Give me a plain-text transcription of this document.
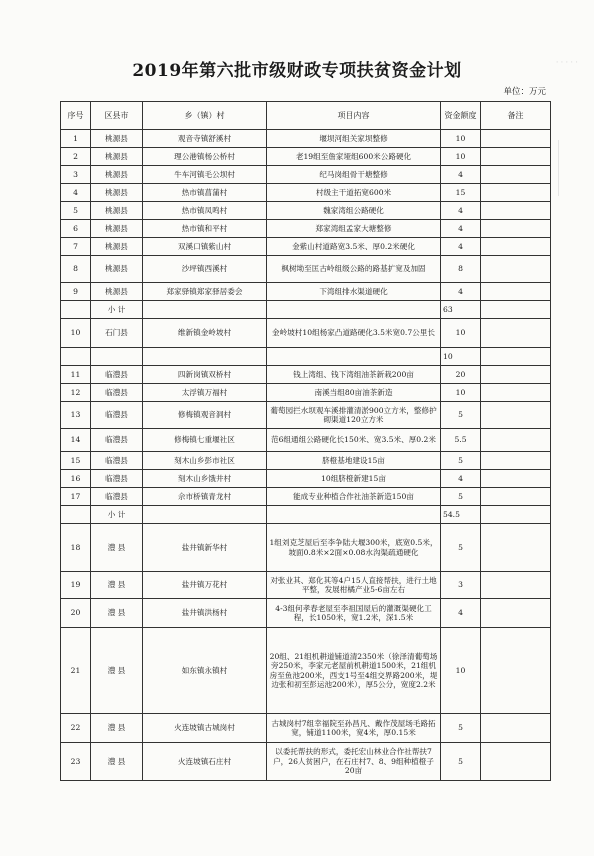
2019年第六批市级财政专项扶贫资金计划	·····
单位：万元
序号	区县市	乡（镇）村	项目内容	资金额度	备注
1	桃源县	观音寺镇舒溪村	堰坝河组关家坝整修	10	
2	桃源县	理公港镇杨公桥村	老19组至詹家垭组600米公路硬化	10	
3	桃源县	牛车河镇毛公坝村	纪马岗组骨干塘整修	4	
4	桃源县	热市镇菖蒲村	村级主干道拓宽600米	15	
5	桃源县	热市镇凤鸣村	魏家湾组公路硬化	4	
6	桃源县	热市镇和平村	郑家湾组孟家大塘整修	4	
7	桃源县	双溪口镇紫山村	金紫山村道路宽3.5米、厚0.2米硬化	4	
8	桃源县	沙坪镇西溪村	枫树坳至匡古岭组级公路的路基扩宽及加固	8	
9	桃源县	郑家驿镇郑家驿居委会	下湾组排水渠道硬化	4	
	小 计			63	
10	石门县	维新镇金岭坡村	金岭坡村10组杨家凸道路硬化3.5米宽0.7公里长	10	
				10	
11	临澧县	四新岗镇双桥村	钱上湾组、钱下湾组油茶新栽200亩	20	
12	临澧县	太浮镇万福村	南溪当组80亩油茶新造	10	
13	临澧县	修梅镇观音洞村	葡萄园拦水坝观车溪排灌清淤900立方米，整修护砌渠道120立方米	5	
14	临澧县	修梅镇七重堰社区	范6组通组公路硬化长150米、宽3.5米、厚0.2米	5.5	
15	临澧县	刻木山乡彭市社区	脐橙基地建设15亩	5	
16	临澧县	刻木山乡饿井村	10组脐橙新建15亩	4	
17	临澧县	佘市桥镇青龙村	能成专业种植合作社油茶新造150亩	5	
	小 计			54.5	
18	澧 县	盐井镇新华村	1组刘克芝屋后至李争陆大堰300米，底宽0.5米，坡面0.8米×2面×0.08水沟渠疏通硬化	5	
19	澧 县	盐井镇万花村	对张业其、郑化其等4户15人直接帮扶，进行土地平整，发展柑橘产业5-6亩左右	3	
20	澧 县	盐井镇洪杨村	4-3组何孝春老屋至李祖国屋后的灌溉渠硬化工程，长1050米，宽1.2米，深1.5米	4	
21	澧 县	如东镇永镇村	20组、21组机耕道铺道清2350米（徐泽清葡萄场旁250米，李家元老屋前机耕道1500米，21组机房至鱼池200米，西支1号至4组交界路200米，堤边张和初至彭运池200米），厚5公分，宽度2.2米	10	
22	澧 县	火连坡镇古城岗村	古城岗村7组幸福院至孙昌凡、戴作茂屋场毛路拓宽，铺道1100米，宽4米，厚0.15米	5	
23	澧 县	火连坡镇石庄村	以委托帮扶的形式，委托宏山林业合作社帮扶7户，26人贫困户，在石庄村7、8、9组种植橙子20亩	5	
